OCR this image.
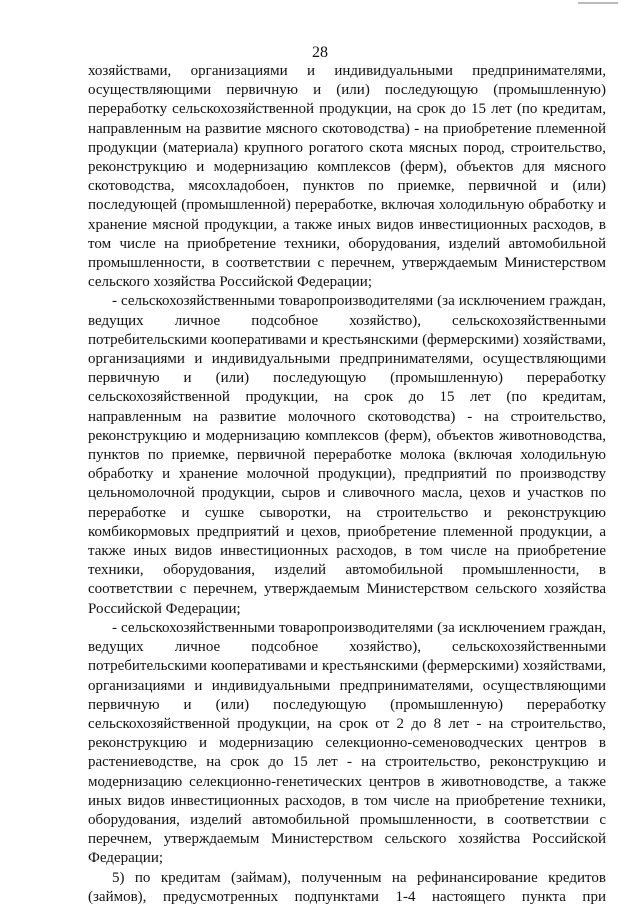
28

хозяйствами, организациями и индивидуальными предпринимателями, осуществляющими первичную и (или) последующую (промышленную) переработку сельскохозяйственной продукции, на срок до 15 лет (по кредитам, направленным на развитие мясного скотоводства) - на приобретение племенной продукции (материала) крупного рогатого скота мясных пород, строительство, реконструкцию и модернизацию комплексов (ферм), объектов для мясного скотоводства, мясохладобоен, пунктов по приемке, первичной и (или) последующей (промышленной) переработке, включая холодильную обработку и хранение мясной продукции, а также иных видов инвестиционных расходов, в том числе на приобретение техники, оборудования, изделий автомобильной промышленности, в соответствии с перечнем, утверждаемым Министерством сельского хозяйства Российской Федерации;

- сельскохозяйственными товаропроизводителями (за исключением граждан, ведущих личное подсобное хозяйство), сельскохозяйственными потребительскими кооперативами и крестьянскими (фермерскими) хозяйствами, организациями и индивидуальными предпринимателями, осуществляющими первичную и (или) последующую (промышленную) переработку сельскохозяйственной продукции, на срок до 15 лет (по кредитам, направленным на развитие молочного скотоводства) - на строительство, реконструкцию и модернизацию комплексов (ферм), объектов животноводства, пунктов по приемке, первичной переработке молока (включая холодильную обработку и хранение молочной продукции), предприятий по производству цельномолочной продукции, сыров и сливочного масла, цехов и участков по переработке и сушке сыворотки, на строительство и реконструкцию комбикормовых предприятий и цехов, приобретение племенной продукции, а также иных видов инвестиционных расходов, в том числе на приобретение техники, оборудования, изделий автомобильной промышленности, в соответствии с перечнем, утверждаемым Министерством сельского хозяйства Российской Федерации;

- сельскохозяйственными товаропроизводителями (за исключением граждан, ведущих личное подсобное хозяйство), сельскохозяйственными потребительскими кооперативами и крестьянскими (фермерскими) хозяйствами, организациями и индивидуальными предпринимателями, осуществляющими первичную и (или) последующую (промышленную) переработку сельскохозяйственной продукции, на срок от 2 до 8 лет - на строительство, реконструкцию и модернизацию селекционно-семеноводческих центров в растениеводстве, на срок до 15 лет - на строительство, реконструкцию и модернизацию селекционно-генетических центров в животноводстве, а также иных видов инвестиционных расходов, в том числе на приобретение техники, оборудования, изделий автомобильной промышленности, в соответствии с перечнем, утверждаемым Министерством сельского хозяйства Российской Федерации;

5) по кредитам (займам), полученным на рефинансирование кредитов (займов), предусмотренных подпунктами 1-4 настоящего пункта при
